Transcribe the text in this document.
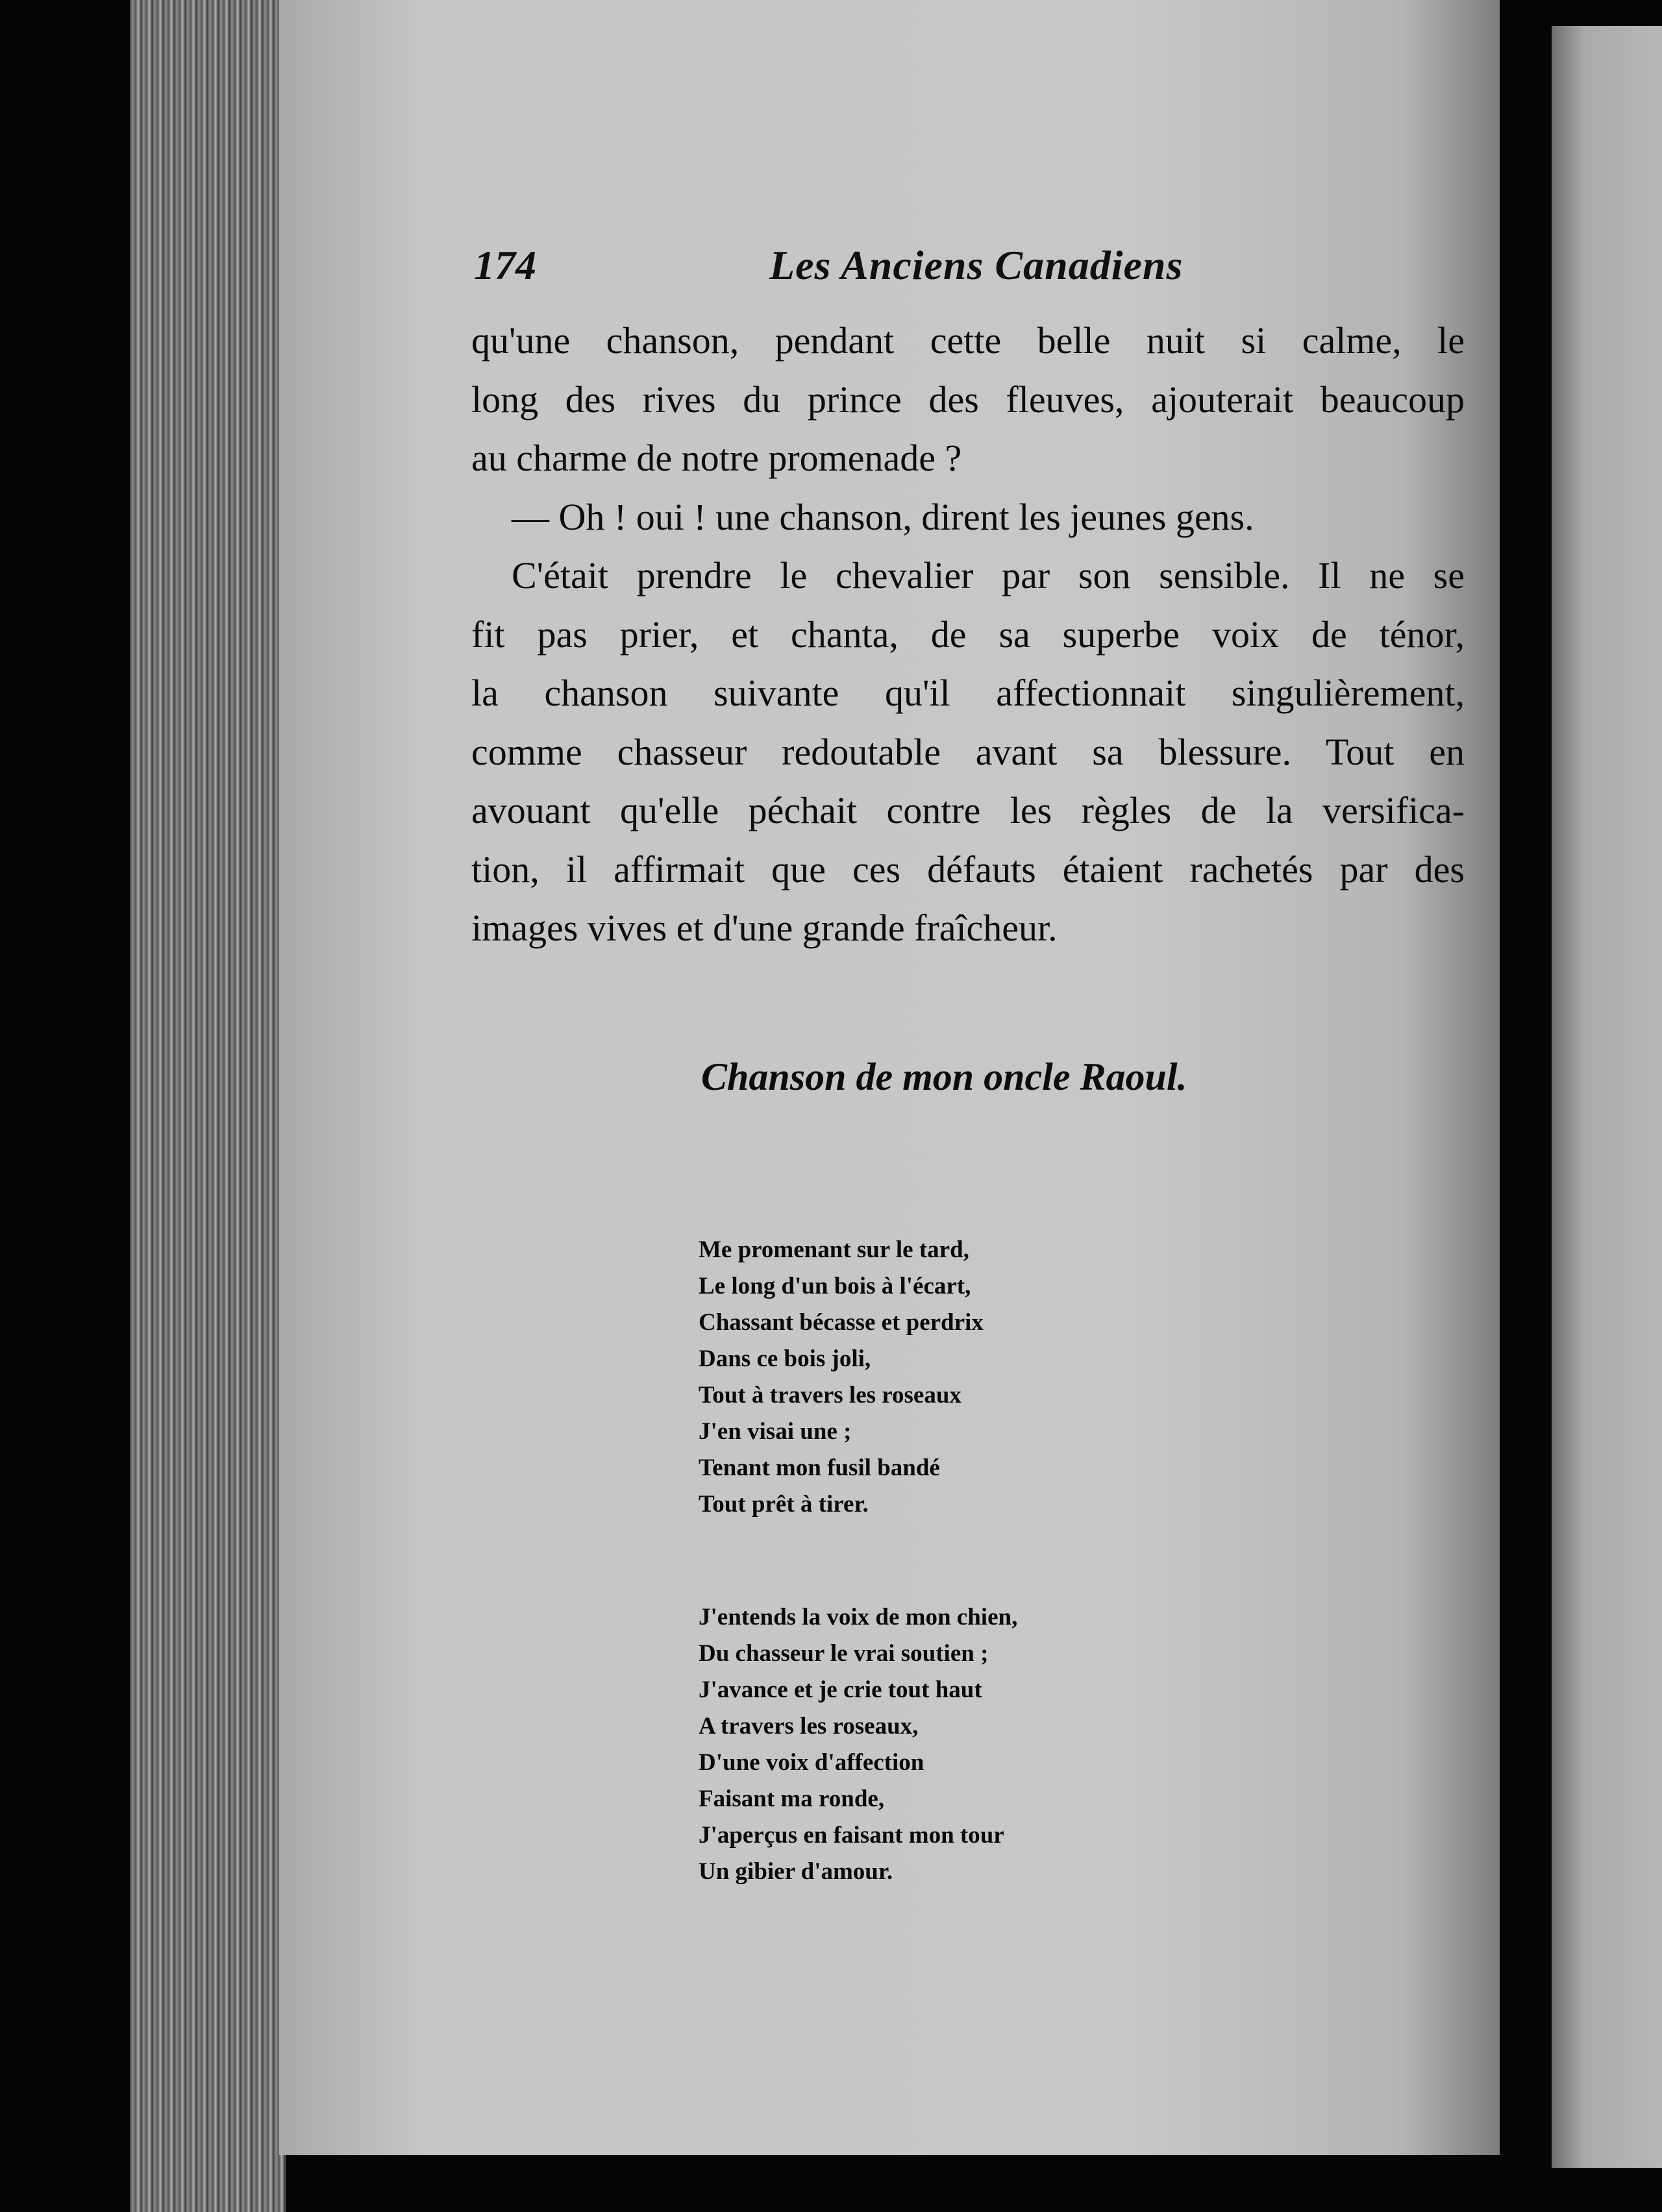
174	Les Anciens Canadiens

qu'une chanson, pendant cette belle nuit si calme, le
long des rives du prince des fleuves, ajouterait beaucoup
au charme de notre promenade ?

— Oh ! oui ! une chanson, dirent les jeunes gens.

C'était prendre le chevalier par son sensible. Il ne se
fit pas prier, et chanta, de sa superbe voix de ténor,
la chanson suivante qu'il affectionnait singulièrement,
comme chasseur redoutable avant sa blessure. Tout en
avouant qu'elle péchait contre les règles de la versifica-
tion, il affirmait que ces défauts étaient rachetés par des
images vives et d'une grande fraîcheur.

Chanson de mon oncle Raoul.
Me promenant sur le tard,
Le long d'un bois à l'écart,
Chassant bécasse et perdrix
Dans ce bois joli,
Tout à travers les roseaux
J'en visai une ;
Tenant mon fusil bandé
Tout prêt à tirer.
J'entends la voix de mon chien,
Du chasseur le vrai soutien ;
J'avance et je crie tout haut
A travers les roseaux,
D'une voix d'affection
Faisant ma ronde,
J'aperçus en faisant mon tour
Un gibier d'amour.
